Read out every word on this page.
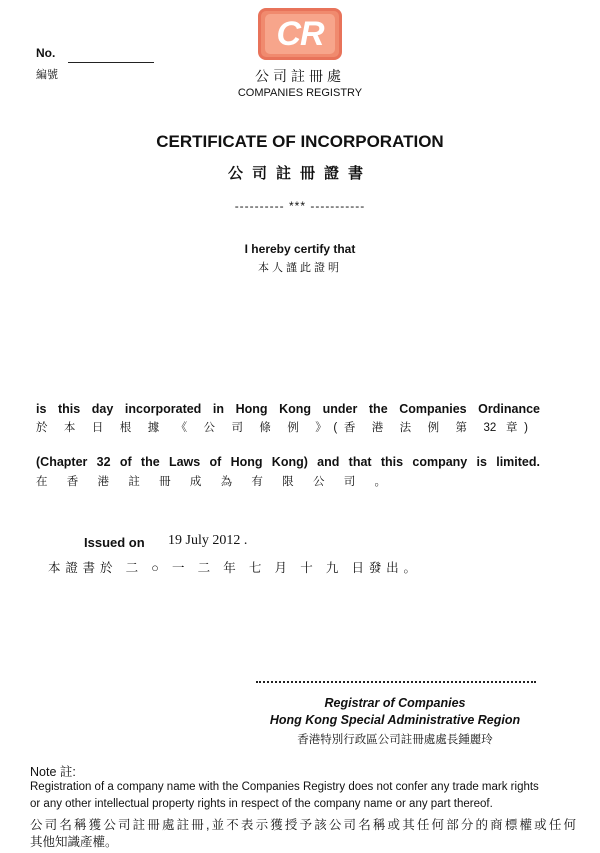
CR
公司註冊處
COMPANIES REGISTRY
No.
編號
CERTIFICATE OF INCORPORATION
公司註冊證書
---------- *** -----------
I hereby certify that
本人謹此證明
is this day incorporated in Hong Kong under the Companies Ordinance
於 本 日 根 據 《 公 司 條 例 》(香 港 法 例 第 32 章)
(Chapter 32 of the Laws of Hong Kong) and that this company is limited.
在 香 港 註 冊 成 為 有 限 公 司 。
Issued on 19 July 2012 .
本證書於 二 ○ 一 二 年 七 月 十 九 日發出。
Registrar of Companies
Hong Kong Special Administrative Region
香港特別行政區公司註冊處處長鍾麗玲
Note 註:
Registration of a company name with the Companies Registry does not confer any trade mark rights
or any other intellectual property rights in respect of the company name or any part thereof.
公司名稱獲公司註冊處註冊,並不表示獲授予該公司名稱或其任何部分的商標權或任何
其他知識產權。
